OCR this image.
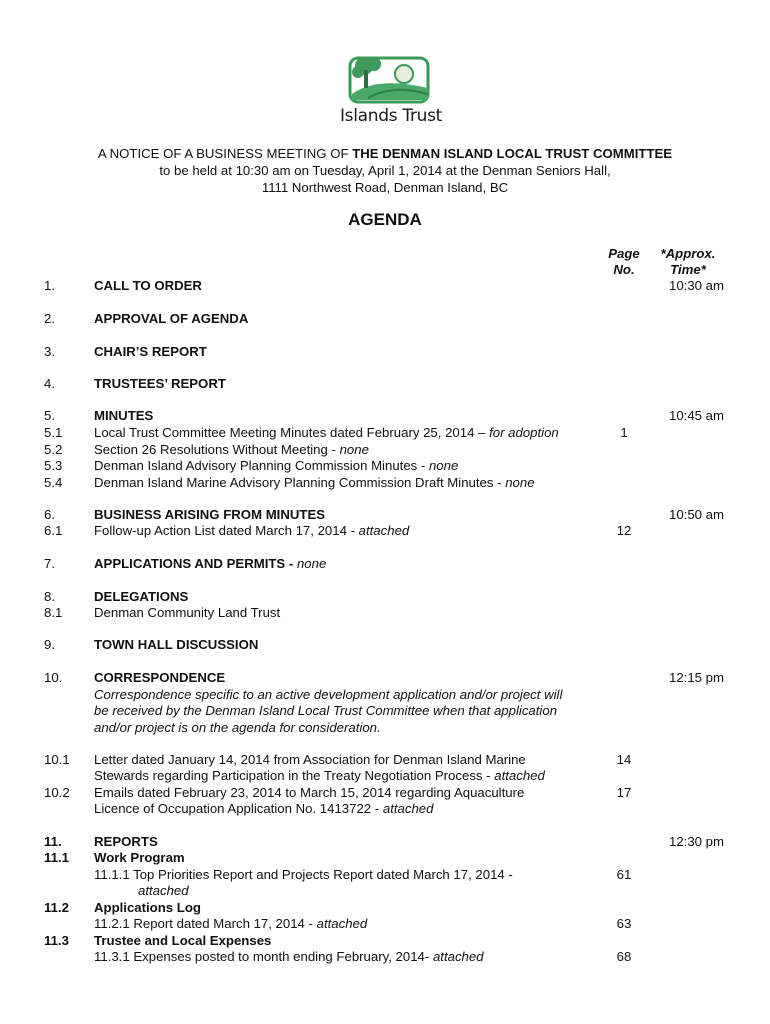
Islands Trust
A NOTICE OF A BUSINESS MEETING OF THE DENMAN ISLAND LOCAL TRUST COMMITTEE
to be held at 10:30 am on Tuesday, April 1, 2014 at the Denman Seniors Hall,
1111 Northwest Road, Denman Island, BC
AGENDA
Page
No.
*Approx.
Time*
1.	CALL TO ORDER	10:30 am
2.	APPROVAL OF AGENDA
3.	CHAIR’S REPORT
4.	TRUSTEES’ REPORT
5.	MINUTES	10:45 am
5.1 Local Trust Committee Meeting Minutes dated February 25, 2014 – for adoption	1
5.2 Section 26 Resolutions Without Meeting - none
5.3 Denman Island Advisory Planning Commission Minutes - none
5.4 Denman Island Marine Advisory Planning Commission Draft Minutes - none
6.	BUSINESS ARISING FROM MINUTES	10:50 am
6.1 Follow-up Action List dated March 17, 2014 - attached	12
7.	APPLICATIONS AND PERMITS - none
8.	DELEGATIONS
8.1 Denman Community Land Trust
9.	TOWN HALL DISCUSSION
10. CORRESPONDENCE	12:15 pm
Correspondence specific to an active development application and/or project will
be received by the Denman Island Local Trust Committee when that application
and/or project is on the agenda for consideration.
10.1 Letter dated January 14, 2014 from Association for Denman Island Marine	14
Stewards regarding Participation in the Treaty Negotiation Process - attached
10.2 Emails dated February 23, 2014 to March 15, 2014 regarding Aquaculture	17
Licence of Occupation Application No. 1413722 - attached
11. REPORTS	12:30 pm
11.1 Work Program
11.1.1 Top Priorities Report and Projects Report dated March 17, 2014 -
attached
61
11.2 Applications Log
11.2.1 Report dated March 17, 2014 - attached	63
11.3 Trustee and Local Expenses
11.3.1 Expenses posted to month ending February, 2014- attached	68
